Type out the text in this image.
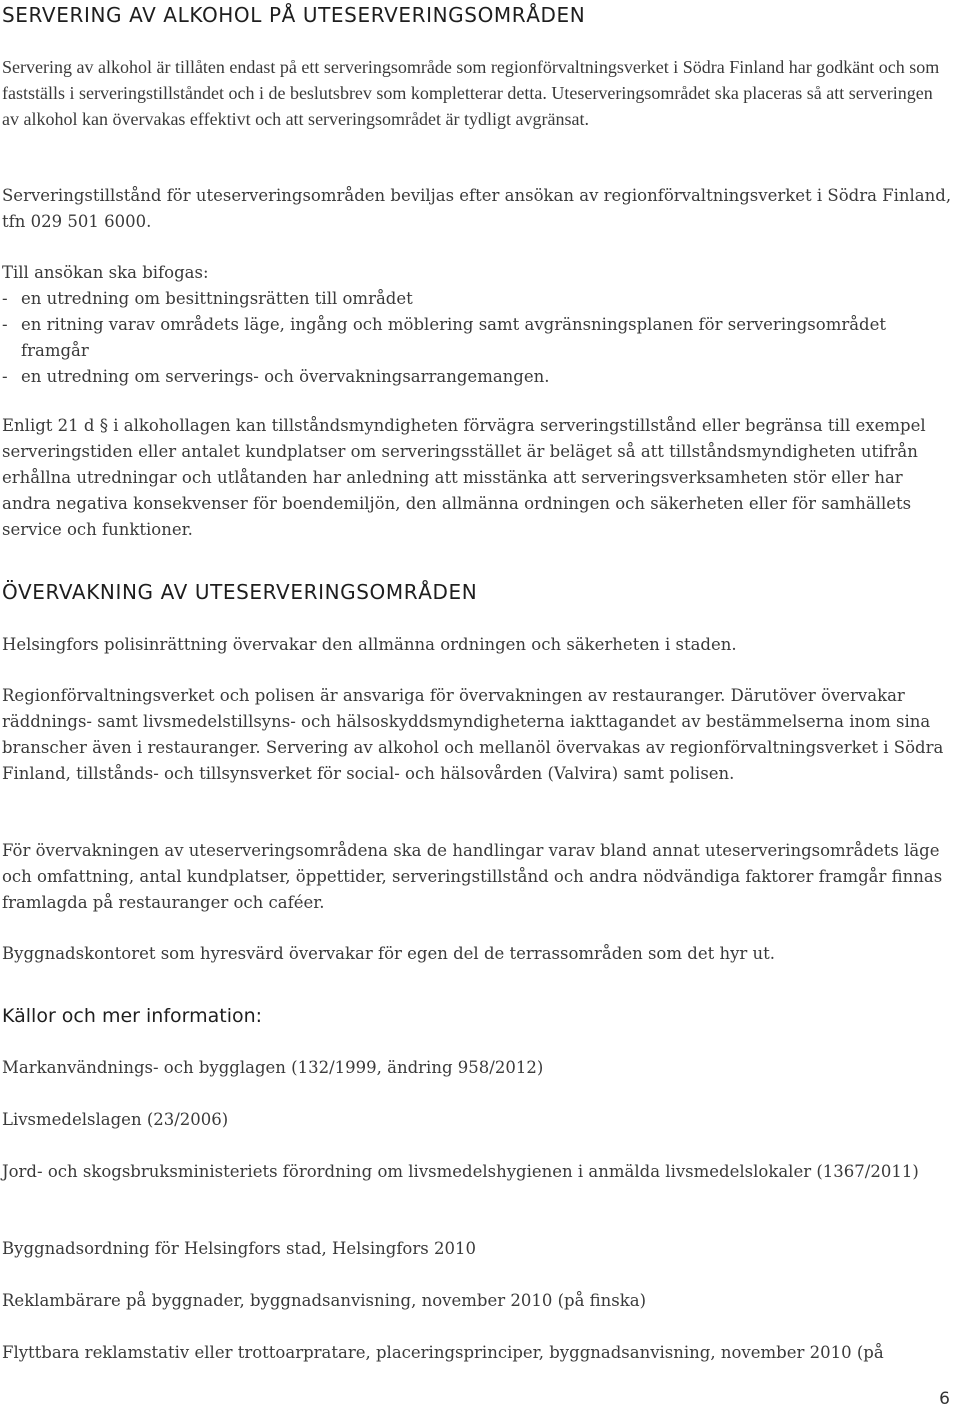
SERVERING AV ALKOHOL PÅ UTESERVERINGSOMRÅDEN

Servering av alkohol är tillåten endast på ett serveringsområde som regionförvaltningsverket i Södra Finland har godkänt och som fastställs i serveringstillståndet och i de beslutsbrev som kompletterar detta. Uteserveringsområdet ska placeras så att serveringen av alkohol kan övervakas effektivt och att serveringsområdet är tydligt avgränsat.

Serveringstillstånd för uteserveringsområden beviljas efter ansökan av regionförvaltningsverket i Södra Finland, tfn 029 501 6000.

Till ansökan ska bifogas:

- en utredning om besittningsrätten till området
- en ritning varav områdets läge, ingång och möblering samt avgränsningsplanen för serveringsområdet framgår
- en utredning om serverings- och övervakningsarrangemangen.

Enligt 21 d § i alkohollagen kan tillståndsmyndigheten förvägra serveringstillstånd eller begränsa till exempel serveringstiden eller antalet kundplatser om serveringsstället är beläget så att tillståndsmyndigheten utifrån erhållna utredningar och utlåtanden har anledning att misstänka att serveringsverksamheten stör eller har andra negativa konsekvenser för boendemiljön, den allmänna ordningen och säkerheten eller för samhällets service och funktioner.

ÖVERVAKNING AV UTESERVERINGSOMRÅDEN

Helsingfors polisinrättning övervakar den allmänna ordningen och säkerheten i staden.

Regionförvaltningsverket och polisen är ansvariga för övervakningen av restauranger. Därutöver övervakar räddnings- samt livsmedelstillsyns- och hälsoskyddsmyndigheterna iakttagandet av bestämmelserna inom sina branscher även i restauranger. Servering av alkohol och mellanöl övervakas av regionförvaltningsverket i Södra Finland, tillstånds- och tillsynsverket för social- och hälsovården (Valvira) samt polisen.

För övervakningen av uteserveringsområdena ska de handlingar varav bland annat uteserveringsområdets läge och omfattning, antal kundplatser, öppettider, serveringstillstånd och andra nödvändiga faktorer framgår finnas framlagda på restauranger och caféer.

Byggnadskontoret som hyresvärd övervakar för egen del de terrassområden som det hyr ut.

Källor och mer information:

Markanvändnings- och bygglagen (132/1999, ändring 958/2012)

Livsmedelslagen (23/2006)

Jord- och skogsbruksministeriets förordning om livsmedelshygienen i anmälda livsmedelslokaler (1367/2011)

Byggnadsordning för Helsingfors stad, Helsingfors 2010

Reklambärare på byggnader, byggnadsanvisning, november 2010 (på finska)

Flyttbara reklamstativ eller trottoarpratare, placeringsprinciper, byggnadsanvisning, november 2010 (på

6
